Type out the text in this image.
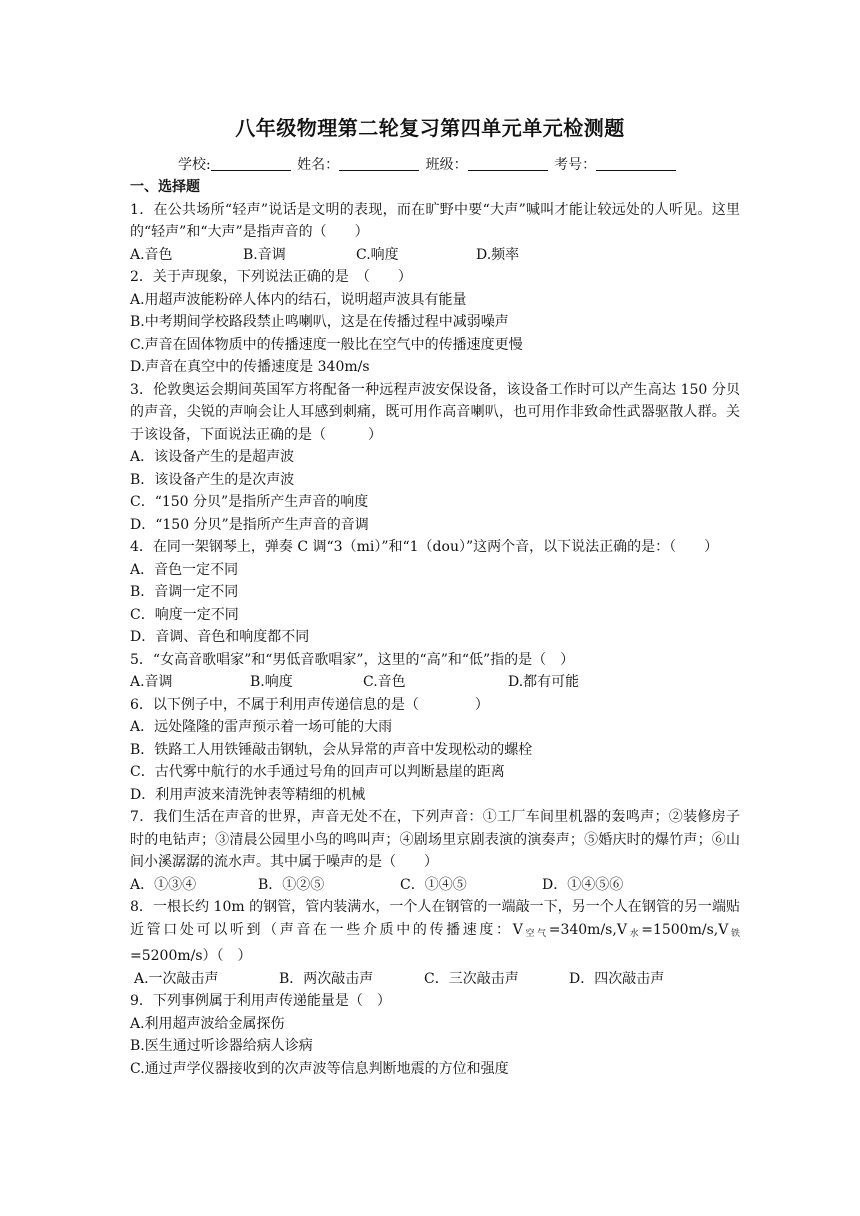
八年级物理第二轮复习第四单元单元检测题
学校:	姓名：	班级：	考号：
一、选择题
1．在公共场所“轻声”说话是文明的表现，而在旷野中要“大声”喊叫才能让较远处的人听见。这里的“轻声”和“大声”是指声音的（　　）
A.音色	B.音调	C.响度	D.频率
2．关于声现象，下列说法正确的是　（　　）
A.用超声波能粉碎人体内的结石，说明超声波具有能量
B.中考期间学校路段禁止鸣喇叭，这是在传播过程中减弱噪声
C.声音在固体物质中的传播速度一般比在空气中的传播速度更慢
D.声音在真空中的传播速度是 340m/s
3．伦敦奥运会期间英国军方将配备一种远程声波安保设备，该设备工作时可以产生高达 150 分贝的声音，尖锐的声响会让人耳感到刺痛，既可用作高音喇叭，也可用作非致命性武器驱散人群。关于该设备，下面说法正确的是（　　　）
A．该设备产生的是超声波
B．该设备产生的是次声波
C．“150 分贝”是指所产生声音的响度
D．“150 分贝”是指所产生声音的音调
4．在同一架钢琴上，弹奏 C 调“3（mi）”和“1（dou）”这两个音，以下说法正确的是：（　　）
A．音色一定不同
B．音调一定不同
C．响度一定不同
D．音调、音色和响度都不同
5．“女高音歌唱家”和“男低音歌唱家”，这里的“高”和“低”指的是（　）
A.音调	B.响度	C.音色	D.都有可能
6．以下例子中，不属于利用声传递信息的是（　　　　）
A．远处隆隆的雷声预示着一场可能的大雨
B．铁路工人用铁锤敲击钢轨，会从异常的声音中发现松动的螺栓
C．古代雾中航行的水手通过号角的回声可以判断悬崖的距离
D．利用声波来清洗钟表等精细的机械
7．我们生活在声音的世界，声音无处不在，下列声音：①工厂车间里机器的轰鸣声；②装修房子时的电钻声；③清晨公园里小鸟的鸣叫声；④剧场里京剧表演的演奏声；⑤婚庆时的爆竹声；⑥山间小溪潺潺的流水声。其中属于噪声的是（　　）
A．①③④	B．①②⑤	C．①④⑤	D．①④⑤⑥
8．一根长约 10m 的钢管，管内装满水，一个人在钢管的一端敲一下，另一个人在钢管的另一端贴近管口处可以听到（声音在一些介质中的传播速度：$V_{空气}=340m/s,V_水=1500m/s,V_铁=5200m/s$）（　）
A.一次敲击声	B．两次敲击声	C．三次敲击声	D．四次敲击声
9．下列事例属于利用声传递能量是（　）
A.利用超声波给金属探伤
B.医生通过听诊器给病人诊病
C.通过声学仪器接收到的次声波等信息判断地震的方位和强度
